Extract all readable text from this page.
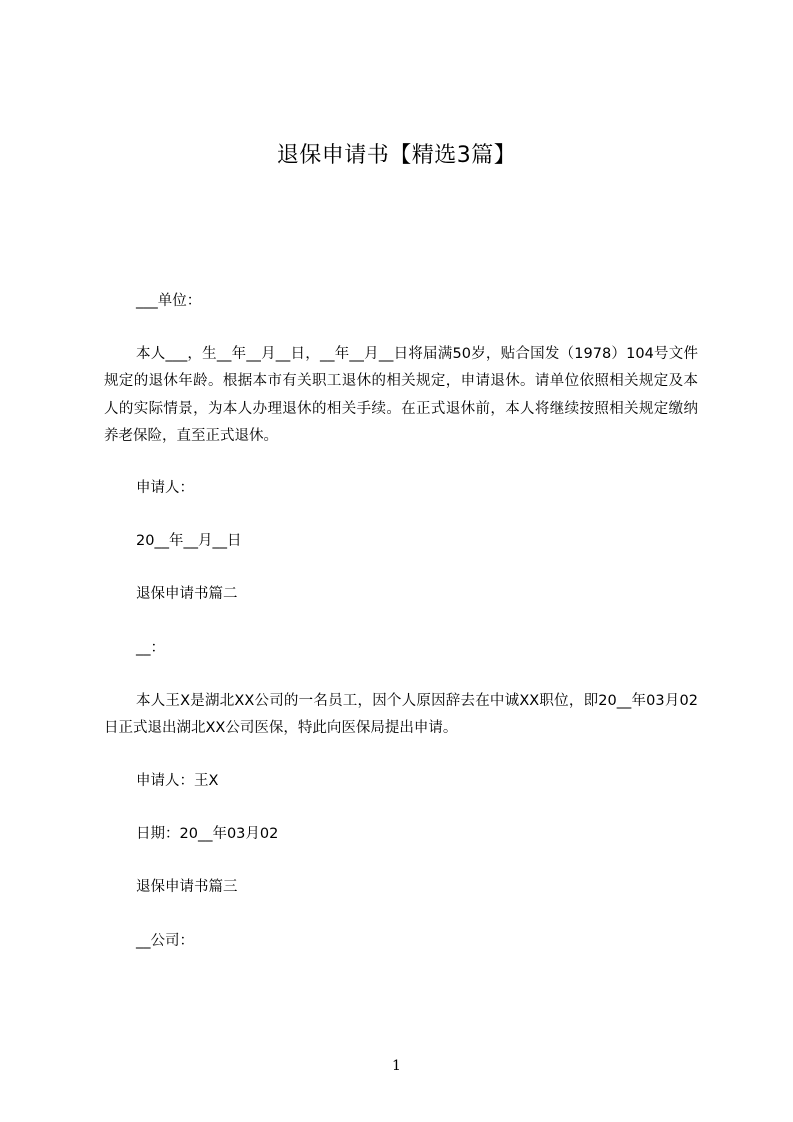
退保申请书【精选3篇】
___单位：
本人___，生__年__月__日，__年__月__日将届满50岁，贴合国发（1978）104号文件规定的退休年龄。根据本市有关职工退休的相关规定，申请退休。请单位依照相关规定及本人的实际情景，为本人办理退休的相关手续。在正式退休前，本人将继续按照相关规定缴纳养老保险，直至正式退休。
申请人：
20__年__月__日
退保申请书篇二
__：
本人王X是湖北XX公司的一名员工，因个人原因辞去在中诚XX职位，即20__年03月02日正式退出湖北XX公司医保，特此向医保局提出申请。
申请人：王X
日期：20__年03月02
退保申请书篇三
__公司：
1
